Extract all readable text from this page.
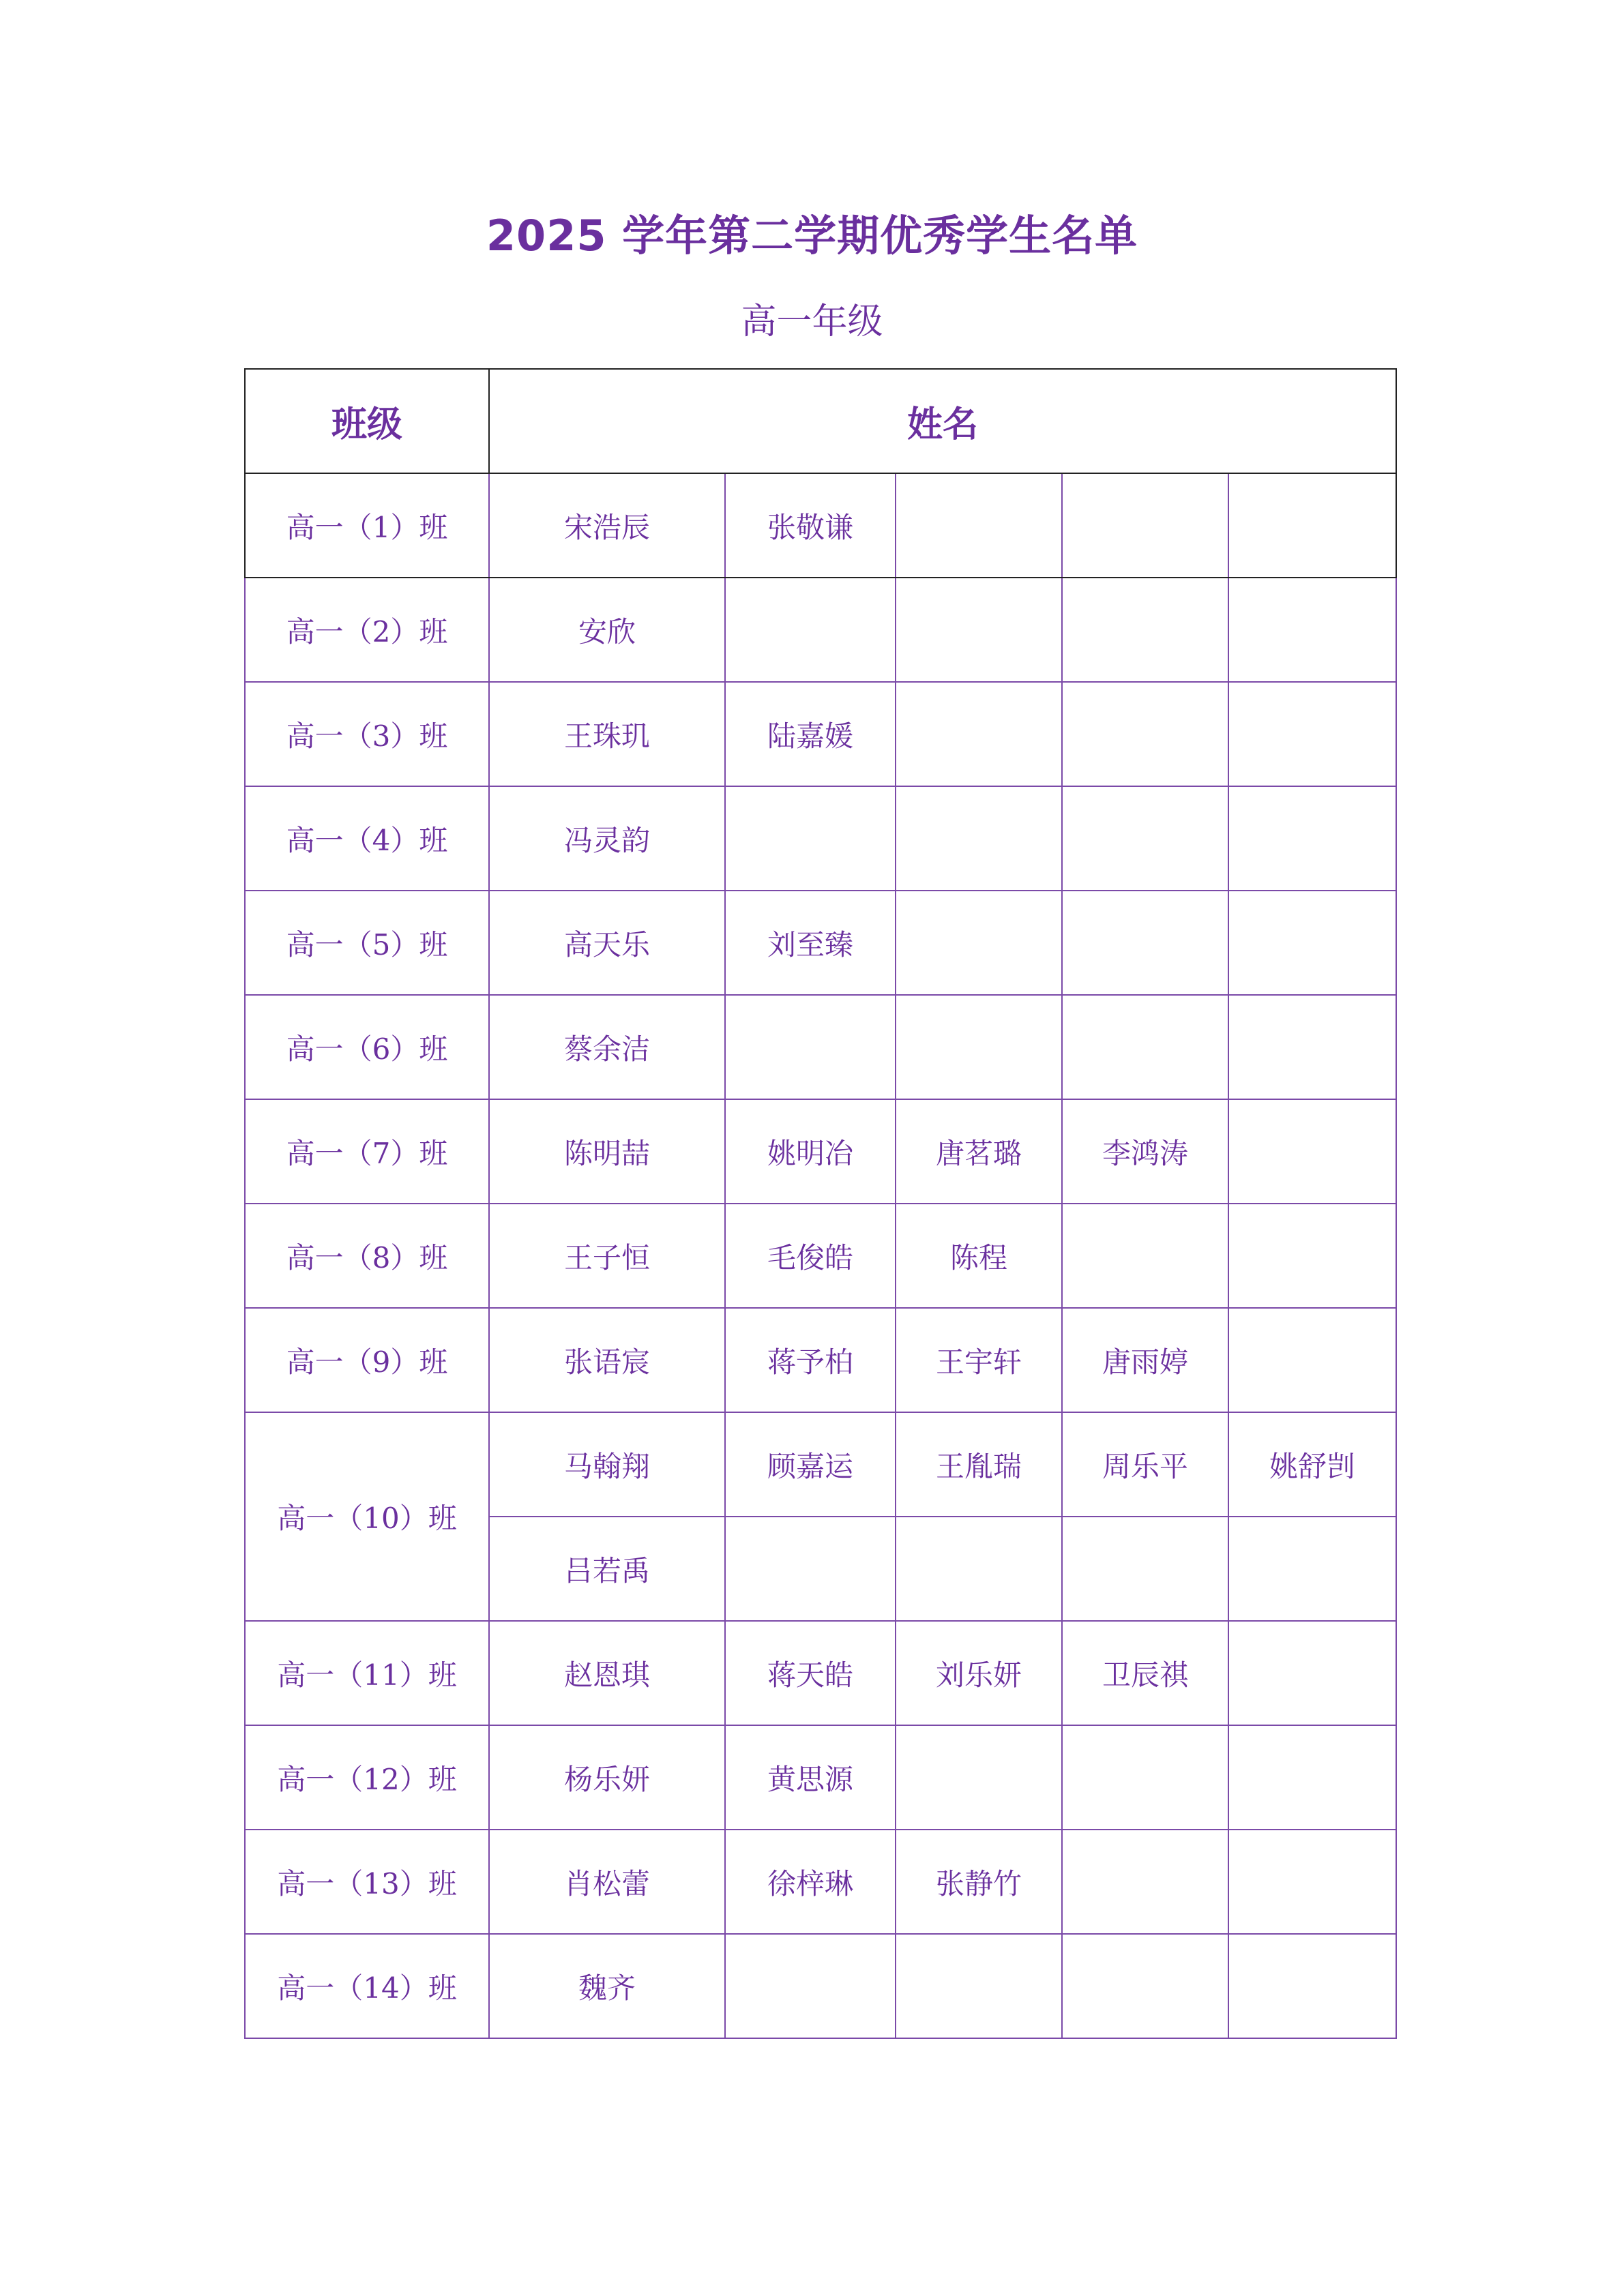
2025 学年第二学期优秀学生名单
高一年级
班级	姓名				
高一（1）班	宋浩辰	张敬谦			
高一（2）班	安欣				
高一（3）班	王珠玑	陆嘉媛			
高一（4）班	冯灵韵				
高一（5）班	高天乐	刘至臻			
高一（6）班	蔡余洁				
高一（7）班	陈明喆	姚明冶	唐茗璐	李鸿涛	
高一（8）班	王子恒	毛俊皓	陈程		
高一（9）班	张语宸	蒋予柏	王宇轩	唐雨婷	
高一（10）班	马翰翔	顾嘉运	王胤瑞	周乐平	姚舒剀
	吕若禹				
高一（11）班	赵恩琪	蒋天皓	刘乐妍	卫辰祺	
高一（12）班	杨乐妍	黄思源			
高一（13）班	肖松蕾	徐梓琳	张静竹		
高一（14）班	魏齐				
